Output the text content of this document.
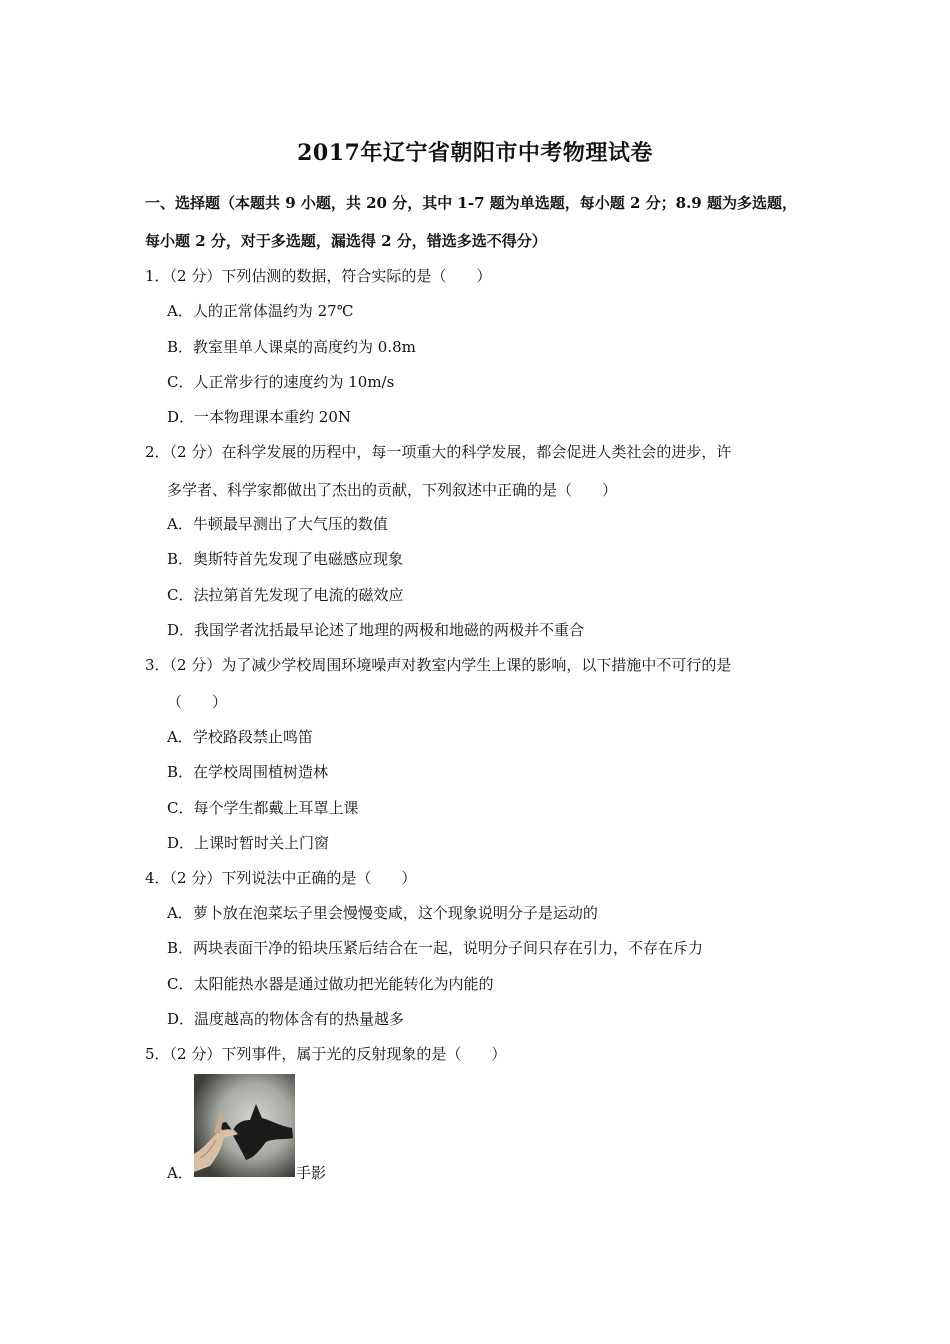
2017年辽宁省朝阳市中考物理试卷
一、选择题（本题共 9 小题，共 20 分，其中 1-7 题为单选题，每小题 2 分；8.9 题为多选题，
每小题 2 分，对于多选题，漏选得 2 分，错选多选不得分）
1．（2 分）下列估测的数据，符合实际的是（　　）
A．人的正常体温约为 27℃
B．教室里单人课桌的高度约为 0.8m
C．人正常步行的速度约为 10m/s
D．一本物理课本重约 20N
2．（2 分）在科学发展的历程中，每一项重大的科学发展，都会促进人类社会的进步，许
多学者、科学家都做出了杰出的贡献，下列叙述中正确的是（　　）
A．牛顿最早测出了大气压的数值
B．奥斯特首先发现了电磁感应现象
C．法拉第首先发现了电流的磁效应
D．我国学者沈括最早论述了地理的两极和地磁的两极并不重合
3．（2 分）为了减少学校周围环境噪声对教室内学生上课的影响，以下措施中不可行的是
（　　）
A．学校路段禁止鸣笛
B．在学校周围植树造林
C．每个学生都戴上耳罩上课
D．上课时暂时关上门窗
4．（2 分）下列说法中正确的是（　　）
A．萝卜放在泡菜坛子里会慢慢变咸，这个现象说明分子是运动的
B．两块表面干净的铅块压紧后结合在一起，说明分子间只存在引力，不存在斥力
C．太阳能热水器是通过做功把光能转化为内能的
D．温度越高的物体含有的热量越多
5．（2 分）下列事件，属于光的反射现象的是（　　）
A．	手影
